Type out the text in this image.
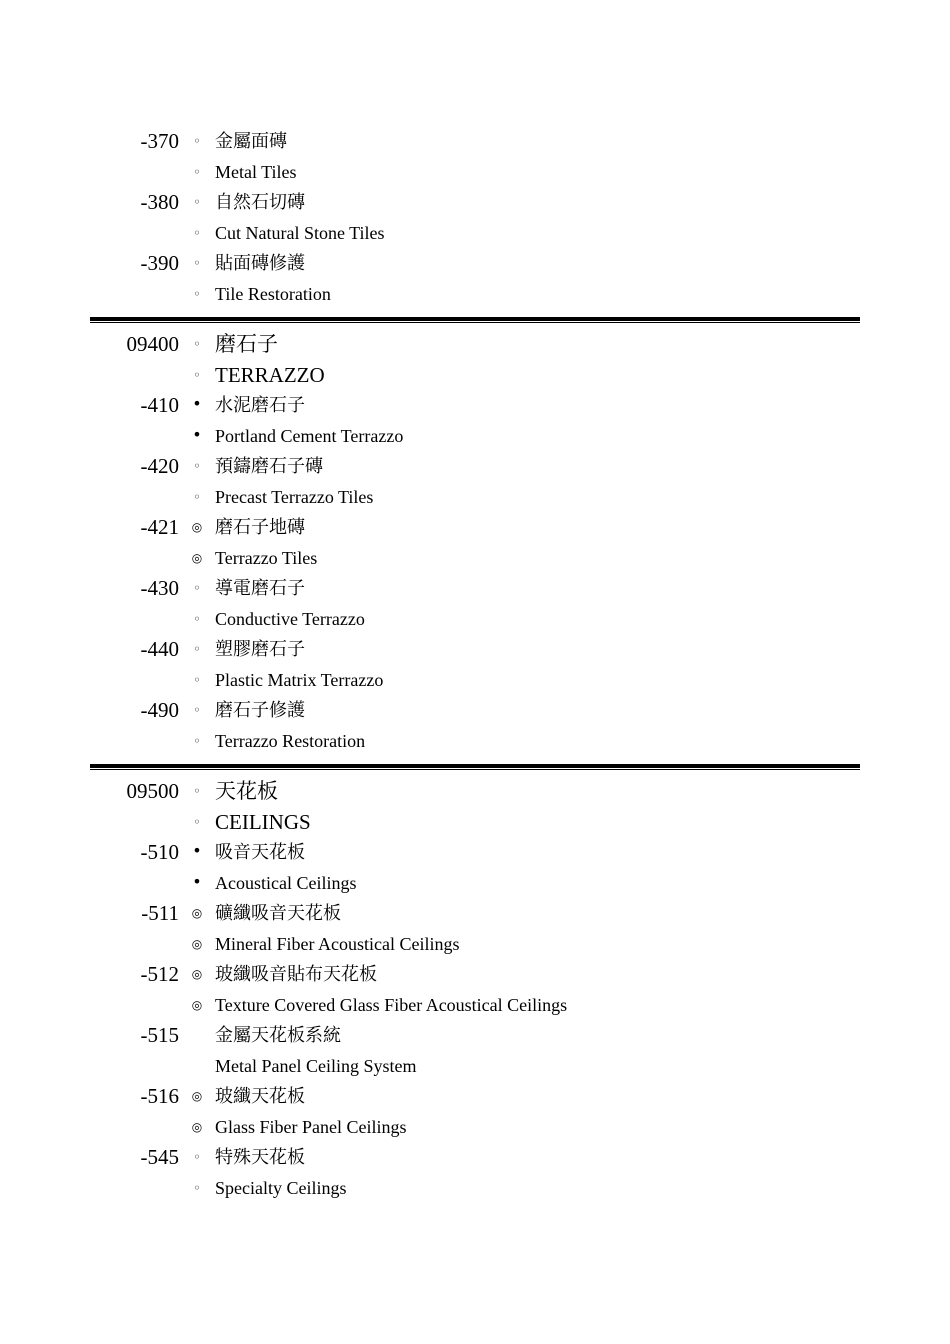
-370	◦ 金屬面磚
◦ Metal Tiles
-380	◦ 自然石切磚
◦ Cut Natural Stone Tiles
-390	◦ 貼面磚修護
◦ Tile Restoration
09400	◦ 磨石子
◦ TERRAZZO
-410 • 水泥磨石子
• Portland Cement Terrazzo
-420	◦ 預鑄磨石子磚
◦ Precast Terrazzo Tiles
-421	◎ 磨石子地磚
◎ Terrazzo Tiles
-430	◦ 導電磨石子
◦ Conductive Terrazzo
-440	◦ 塑膠磨石子
◦ Plastic Matrix Terrazzo
-490	◦ 磨石子修護
◦ Terrazzo Restoration
09500	◦ 天花板
◦ CEILINGS
-510 • 吸音天花板
• Acoustical Ceilings
-511	◎ 礦纖吸音天花板
◎ Mineral Fiber Acoustical Ceilings
-512	◎ 玻纖吸音貼布天花板
◎ Texture Covered Glass Fiber Acoustical Ceilings
-515 金屬天花板系統
Metal Panel Ceiling System
-516	◎ 玻纖天花板
◎ Glass Fiber Panel Ceilings
-545	◦ 特殊天花板
◦ Specialty Ceilings
